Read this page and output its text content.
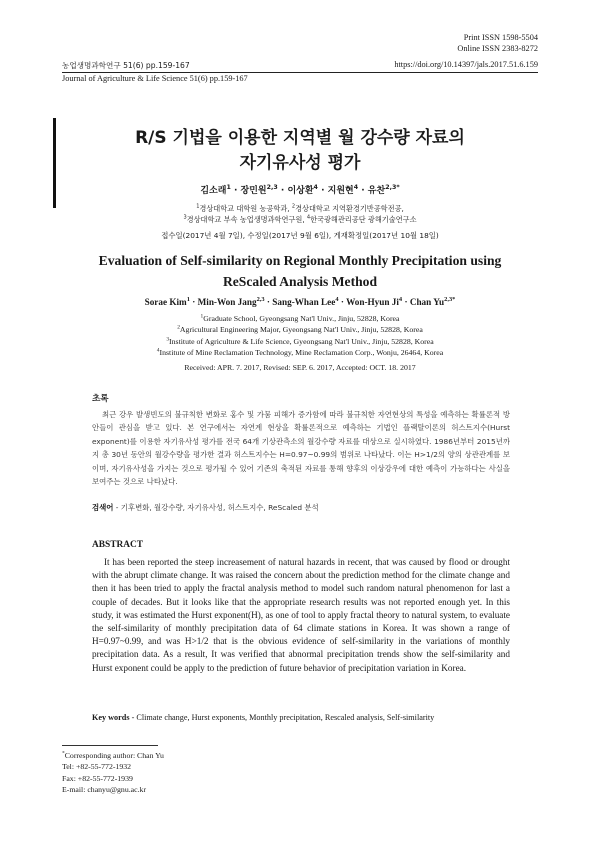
Print ISSN 1598-5504
Online ISSN 2383-8272
농업생명과학연구 51(6) pp.159-167	https://doi.org/10.14397/jals.2017.51.6.159
Journal of Agriculture & Life Science 51(6) pp.159-167
R/S 기법을 이용한 지역별 월 강수량 자료의
자기유사성 평가
김소래$^1$ · 장민원$^{2,3}$ · 이상환$^4$ · 지원현$^4$ · 유찬$^{2,3*}$
$^1$경상대학교 대학원 농공학과, $^2$경상대학교 지역환경기반공학전공,
$^3$경상대학교 부속 농업생명과학연구원, $^4$한국광해관리공단 광해기술연구소
접수일(2017년 4월 7일), 수정일(2017년 9월 6일), 게재확정일(2017년 10월 18일)
Evaluation of Self-similarity on Regional Monthly Precipitation using
ReScaled Analysis Method
Sorae Kim$^1$ · Min-Won Jang$^{2,3}$ · Sang-Whan Lee$^4$ · Won-Hyun $Ji^4$ · Chan $Yu^{2,3*}$
$^1$Graduate School, Gyeongsang Nat'l Univ., Jinju, 52828, Korea
$^2$Agricultural Engineering Major, Gyeongsang Nat'l Univ., Jinju, 52828, Korea
$^3$Institute of Agriculture & Life Science, Gyeongsang Nat'l Univ., Jinju, 52828, Korea
$^4$Institute of Mine Reclamation Technology, Mine Reclamation Corp., Wonju, 26464, Korea
Received: APR. 7. 2017, Revised: SEP. 6. 2017, Accepted: OCT. 18. 2017
초록
최근 강우 발생빈도의 불규칙한 변화로 홍수 및 가뭄 피해가 증가함에 따라 불규칙한 자연현상의 특성을 예측하는 확률론적 방안들이 관심을 받고 있다. 본 연구에서는 자연계 현상을 확률론적으로 예측하는 기법인 플랙탈이론의 허스트지수(Hurst exponent)를 이용한 자기유사성 평가를 전국 64개 기상관측소의 월강수량 자료를 대상으로 실시하였다. 1986년부터 2015년까지 총 30년 동안의 월강수량을 평가한 결과 허스트지수는 H=0.97~0.99의 범위로 나타났다. 이는 H>1/2의 양의 상관관계를 보이며, 자기유사성을 가지는 것으로 평가될 수 있어 기존의 축적된 자료를 통해 향후의 이상강우에 대한 예측이 가능하다는 사실을 보여주는 것으로 나타났다.
검색어 - 기후변화, 월강수량, 자기유사성, 허스트지수, ReScaled 분석
ABSTRACT
It has been reported the steep increasement of natural hazards in recent, that was caused by flood or drought with the abrupt climate change. It was raised the concern about the prediction method for the climate change and then it has been tried to apply the fractal analysis method to model such random natural phenomenon for last a couple of decades. But it looks like that the appropriate research results was not reported enough yet. In this study, it was estimated the Hurst exponent(H), as one of tool to apply fractal theory to natural system, to evaluate the self-similarity of monthly precipitation data of 64 climate stations in Korea. It was shown a range of H=0.97~0.99, and was H>1/2 that is the obvious evidence of self-similarity in the variations of monthly precipitation data. As a result, It was verified that abnormal precipitation trends show the self-similarity and Hurst exponent could be apply to the prediction of future behavior of precipitation variation in Korea.
Key words - Climate change, Hurst exponents, Monthly precipitation, Rescaled analysis, Self-similarity
*Corresponding author: Chan Yu
Tel: +82-55-772-1932
Fax: +82-55-772-1939
E-mail: chanyu@gnu.ac.kr
